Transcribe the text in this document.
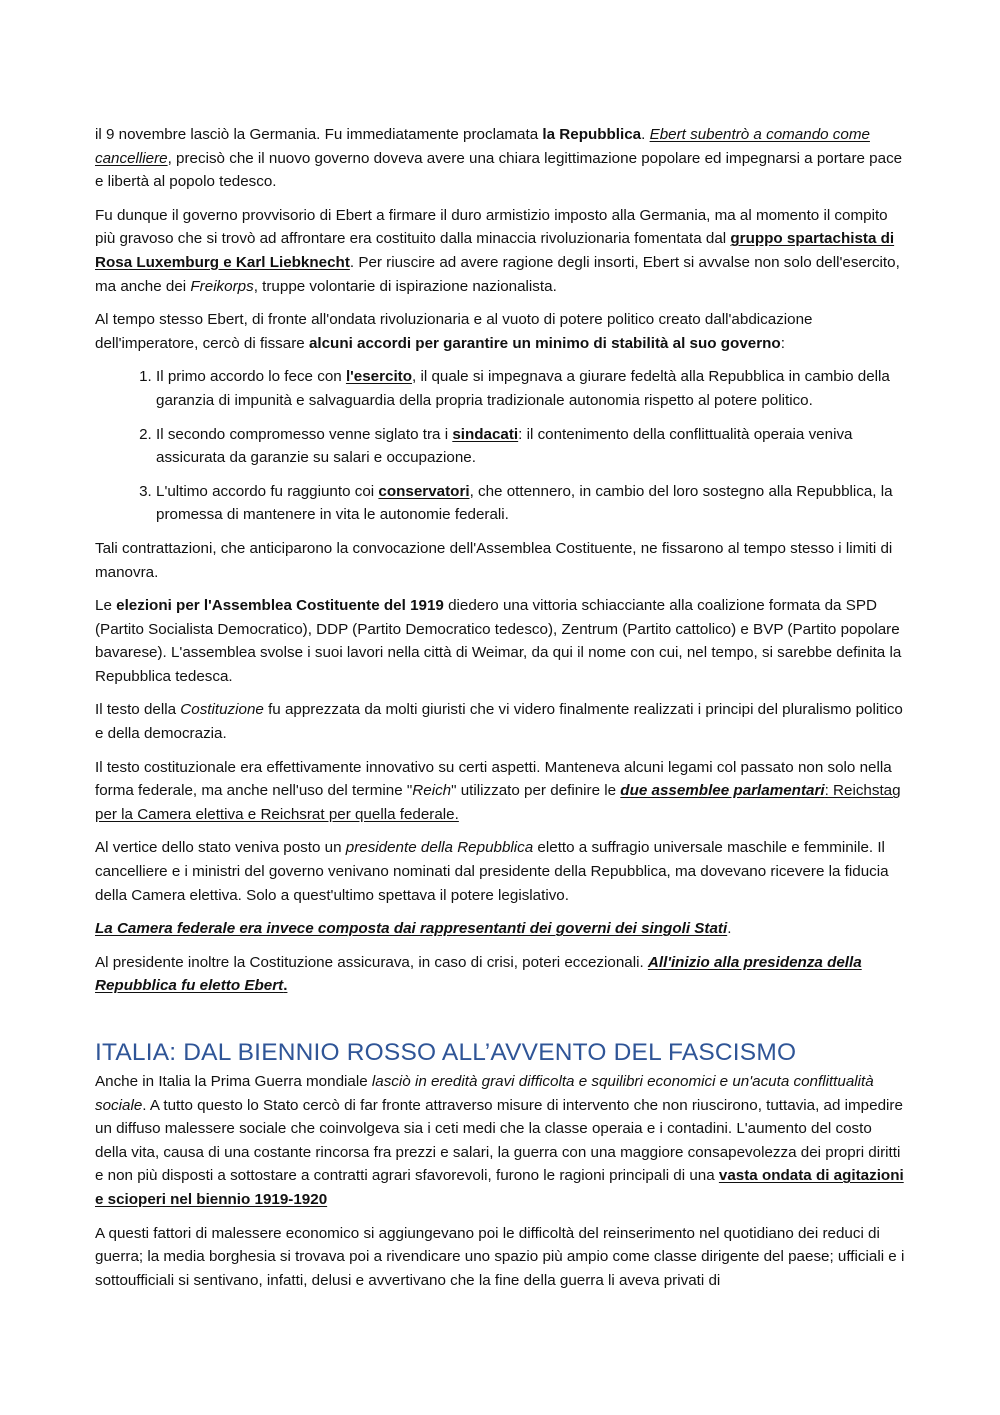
il 9 novembre lasciò la Germania. Fu immediatamente proclamata la Repubblica. Ebert subentrò a comando come cancelliere, precisò che il nuovo governo doveva avere una chiara legittimazione popolare ed impegnarsi a portare pace e libertà al popolo tedesco.

Fu dunque il governo provvisorio di Ebert a firmare il duro armistizio imposto alla Germania, ma al momento il compito più gravoso che si trovò ad affrontare era costituito dalla minaccia rivoluzionaria fomentata dal gruppo spartachista di Rosa Luxemburg e Karl Liebknecht. Per riuscire ad avere ragione degli insorti, Ebert si avvalse non solo dell'esercito, ma anche dei Freikorps, truppe volontarie di ispirazione nazionalista.

Al tempo stesso Ebert, di fronte all'ondata rivoluzionaria e al vuoto di potere politico creato dall'abdicazione dell'imperatore, cercò di fissare alcuni accordi per garantire un minimo di stabilità al suo governo:

1. Il primo accordo lo fece con l'esercito, il quale si impegnava a giurare fedeltà alla Repubblica in cambio della garanzia di impunità e salvaguardia della propria tradizionale autonomia rispetto al potere politico.
2. Il secondo compromesso venne siglato tra i sindacati: il contenimento della conflittualità operaia veniva assicurata da garanzie su salari e occupazione.
3. L'ultimo accordo fu raggiunto coi conservatori, che ottennero, in cambio del loro sostegno alla Repubblica, la promessa di mantenere in vita le autonomie federali.

Tali contrattazioni, che anticiparono la convocazione dell'Assemblea Costituente, ne fissarono al tempo stesso i limiti di manovra.

Le elezioni per l'Assemblea Costituente del 1919 diedero una vittoria schiacciante alla coalizione formata da SPD (Partito Socialista Democratico), DDP (Partito Democratico tedesco), Zentrum (Partito cattolico) e BVP (Partito popolare bavarese). L'assemblea svolse i suoi lavori nella città di Weimar, da qui il nome con cui, nel tempo, si sarebbe definita la Repubblica tedesca.

Il testo della Costituzione fu apprezzata da molti giuristi che vi videro finalmente realizzati i principi del pluralismo politico e della democrazia.

Il testo costituzionale era effettivamente innovativo su certi aspetti. Manteneva alcuni legami col passato non solo nella forma federale, ma anche nell'uso del termine "Reich" utilizzato per definire le due assemblee parlamentari: Reichstag per la Camera elettiva e Reichsrat per quella federale.

Al vertice dello stato veniva posto un presidente della Repubblica eletto a suffragio universale maschile e femminile. Il cancelliere e i ministri del governo venivano nominati dal presidente della Repubblica, ma dovevano ricevere la fiducia della Camera elettiva. Solo a quest'ultimo spettava il potere legislativo.

La Camera federale era invece composta dai rappresentanti dei governi dei singoli Stati.

Al presidente inoltre la Costituzione assicurava, in caso di crisi, poteri eccezionali. All'inizio alla presidenza della Repubblica fu eletto Ebert.

ITALIA: DAL BIENNIO ROSSO ALL’AVVENTO DEL FASCISMO

Anche in Italia la Prima Guerra mondiale lasciò in eredità gravi difficolta e squilibri economici e un'acuta conflittualità sociale. A tutto questo lo Stato cercò di far fronte attraverso misure di intervento che non riuscirono, tuttavia, ad impedire un diffuso malessere sociale che coinvolgeva sia i ceti medi che la classe operaia e i contadini. L'aumento del costo della vita, causa di una costante rincorsa fra prezzi e salari, la guerra con una maggiore consapevolezza dei propri diritti e non più disposti a sottostare a contratti agrari sfavorevoli, furono le ragioni principali di una vasta ondata di agitazioni e scioperi nel biennio 1919-1920

A questi fattori di malessere economico si aggiungevano poi le difficoltà del reinserimento nel quotidiano dei reduci di guerra; la media borghesia si trovava poi a rivendicare uno spazio più ampio come classe dirigente del paese; ufficiali e i sottoufficiali si sentivano, infatti, delusi e avvertivano che la fine della guerra li aveva privati di
